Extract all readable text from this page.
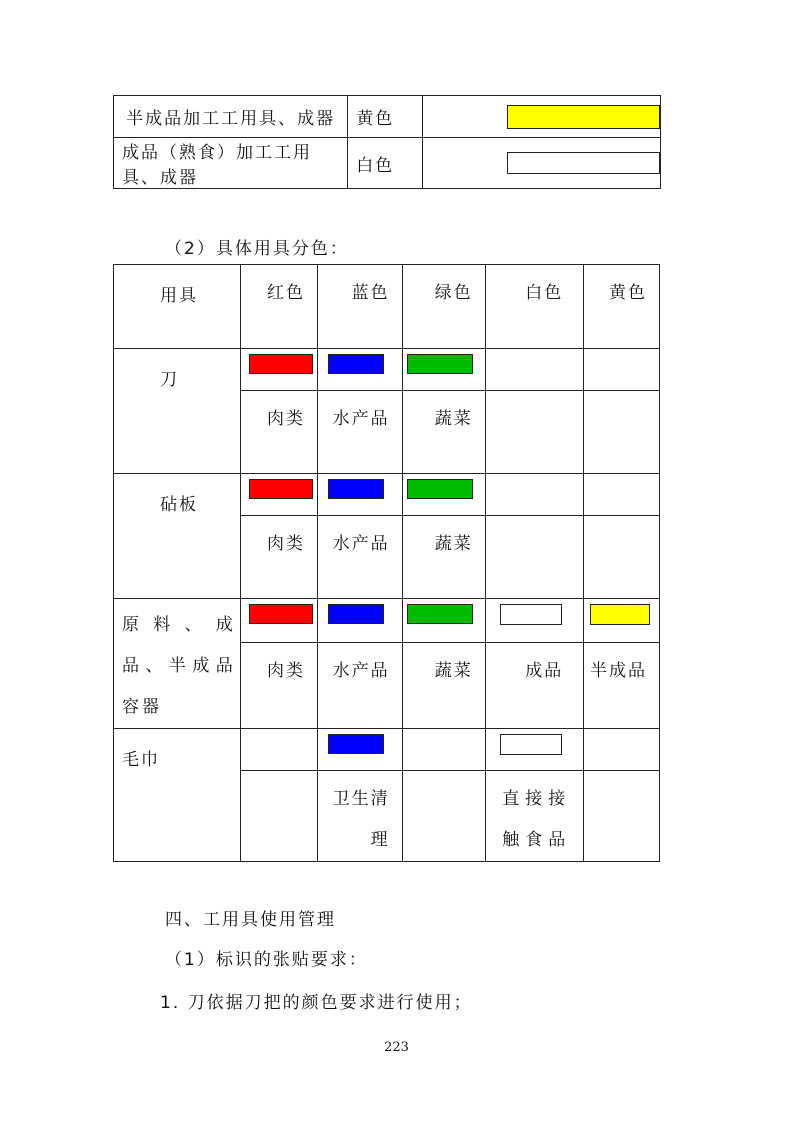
半成品加工工用具、成器	黄色	
成品（熟食）加工工用具、成器	白色	
（2）具体用具分色：
用具	红色	蓝色	绿色	白色	黄色
刀	

	肉类	水产品	蔬菜		
砧板	

	肉类	水产品	蔬菜		

原料、成品、半成品容器					

	肉类	水产品	蔬菜	成品	半成品
毛巾		

		卫生清理		直接接触食品	
四、工用具使用管理
（1）标识的张贴要求：
1. 刀依据刀把的颜色要求进行使用；
223
